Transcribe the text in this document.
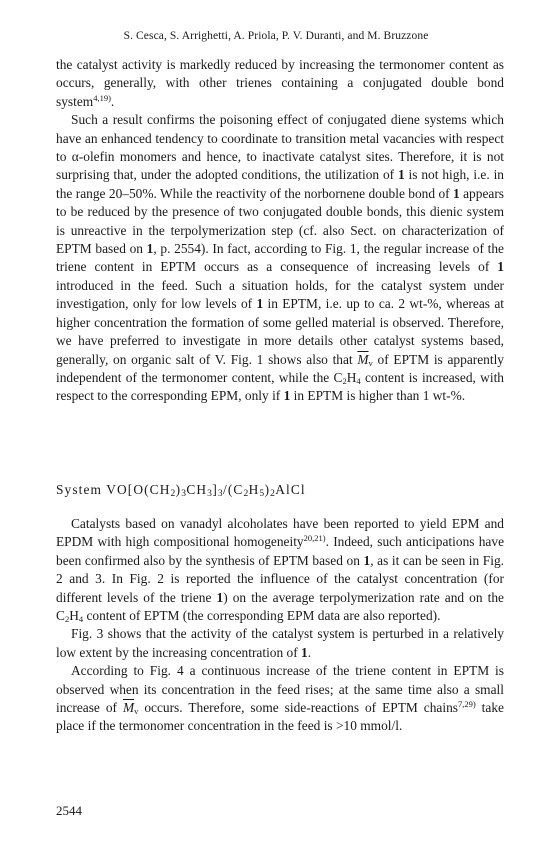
S. Cesca, S. Arrighetti, A. Priola, P. V. Duranti, and M. Bruzzone

the catalyst activity is markedly reduced by increasing the termonomer content as occurs, generally, with other trienes containing a conjugated double bond system$^{4,19)}$.

Such a result confirms the poisoning effect of conjugated diene systems which have an enhanced tendency to coordinate to transition metal vacancies with respect to α-olefin monomers and hence, to inactivate catalyst sites. Therefore, it is not surprising that, under the adopted conditions, the utilization of 1 is not high, i.e. in the range 20–50%. While the reactivity of the norbornene double bond of 1 appears to be reduced by the presence of two conjugated double bonds, this dienic system is unreactive in the terpolymerization step (cf. also Sect. on characterization of EPTM based on 1, p. 2554). In fact, according to Fig. 1, the regular increase of the triene content in EPTM occurs as a consequence of increasing levels of 1 introduced in the feed. Such a situation holds, for the catalyst system under investigation, only for low levels of 1 in EPTM, i.e. up to ca. 2 wt-%, whereas at higher concentration the formation of some gelled material is observed. Therefore, we have preferred to investigate in more details other catalyst systems based, generally, on organic salt of V. Fig. 1 shows also that $\overline{M}_v$ of EPTM is apparently independent of the termonomer content, while the $C_2H_4$ content is increased, with respect to the corresponding EPM, only if 1 in EPTM is higher than 1 wt-%.

System $VO[O(CH_2)_3CH_3]_3/(C_2H_5)_2AlCl$

Catalysts based on vanadyl alcoholates have been reported to yield EPM and EPDM with high compositional homogeneity$^{20,21)}$. Indeed, such anticipations have been confirmed also by the synthesis of EPTM based on 1, as it can be seen in Fig. 2 and 3. In Fig. 2 is reported the influence of the catalyst concentration (for different levels of the triene 1) on the average terpolymerization rate and on the $C_2H_4$ content of EPTM (the corresponding EPM data are also reported).

Fig. 3 shows that the activity of the catalyst system is perturbed in a relatively low extent by the increasing concentration of 1.

According to Fig. 4 a continuous increase of the triene content in EPTM is observed when its concentration in the feed rises; at the same time also a small increase of $\overline{M}_v$ occurs. Therefore, some side-reactions of EPTM chains$^{7,29)}$ take place if the termonomer concentration in the feed is >10 mmol/l.

2544
